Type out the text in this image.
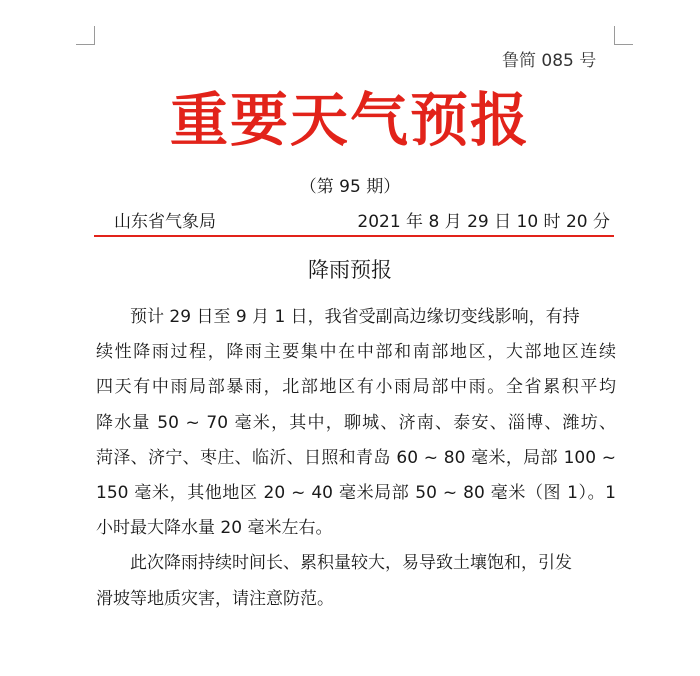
鲁简 085 号
重要天气预报
（第 95 期）
山东省气象局	2021 年 8 月 29 日 10 时 20 分
降雨预报
预计 29 日至 9 月 1 日，我省受副高边缘切变线影响，有持
续性降雨过程，降雨主要集中在中部和南部地区，大部地区连续
四天有中雨局部暴雨，北部地区有小雨局部中雨。全省累积平均
降水量 50 ~ 70 毫米，其中，聊城、济南、泰安、淄博、潍坊、
菏泽、济宁、枣庄、临沂、日照和青岛 60 ~ 80 毫米，局部 100 ~
150 毫米，其他地区 20 ~ 40 毫米局部 50 ~ 80 毫米（图 1）。1
小时最大降水量 20 毫米左右。
此次降雨持续时间长、累积量较大，易导致土壤饱和，引发
滑坡等地质灾害，请注意防范。
